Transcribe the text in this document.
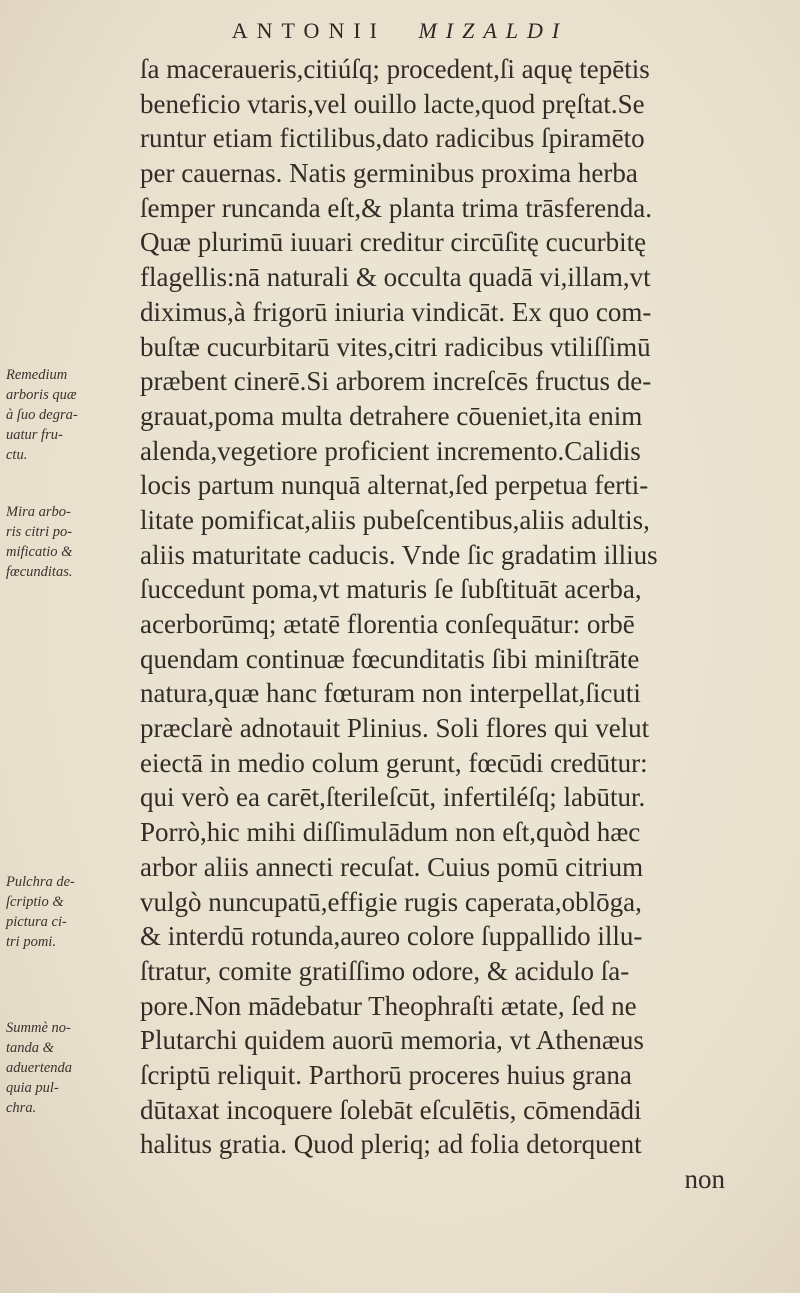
ANTONII MIZALDI
ſa maceraueris,citiúſq; procedent,ſi aquę tepētis
beneficio vtaris,vel ouillo lacte,quod pręſtat.Se
runtur etiam fictilibus,dato radicibus ſpiramēto
per cauernas. Natis germinibus proxima herba
ſemper runcanda eſt,& planta trima trāsferenda.
Quæ plurimū iuuari creditur circūſitę cucurbitę
flagellis:nā naturali & occulta quadā vi,illam,vt
diximus,à frigorū iniuria vindicāt. Ex quo com-
buſtæ cucurbitarū vites,citri radicibus vtiliſſimū
præbent cinerē.Si arborem increſcēs fructus de-
grauat,poma multa detrahere cōueniet,ita enim
alenda,vegetiore proficient incremento.Calidis
locis partum nunquā alternat,ſed perpetua ferti-
litate pomificat,aliis pubeſcentibus,aliis adultis,
aliis maturitate caducis. Vnde ſic gradatim illius
ſuccedunt poma,vt maturis ſe ſubſtituāt acerba,
acerborūmq; ætatē florentia conſequātur: orbē
quendam continuæ fœcunditatis ſibi miniſtrāte
natura,quæ hanc fœturam non interpellat,ſicuti
præclarè adnotauit Plinius. Soli flores qui velut
eiectā in medio colum gerunt, fœcūdi credūtur:
qui verò ea carēt,ſterileſcūt, infertiléſq; labūtur.
Porrò,hic mihi diſſimulādum non eſt,quòd hæc
arbor aliis annecti recuſat. Cuius pomū citrium
vulgò nuncupatū,effigie rugis caperata,oblōga,
& interdū rotunda,aureo colore ſuppallido illu-
ſtratur, comite gratiſſimo odore, & acidulo ſa-
pore.Non mādebatur Theophraſti ætate, ſed ne
Plutarchi quidem auorū memoria, vt Athenæus
ſcriptū reliquit. Parthorū proceres huius grana
dūtaxat incoquere ſolebāt eſculētis, cōmendādi
halitus gratia. Quod pleriq; ad folia detorquent
non
Remedium
arboris quæ
à ſuo degra-
uatur fru-
ctu.
Mira arbo-
ris citri po-
mificatio &
fœcunditas.
Pulchra de-
ſcriptio &
pictura ci-
tri pomi.
Summè no-
tanda &
aduertenda
quia pul-
chra.
